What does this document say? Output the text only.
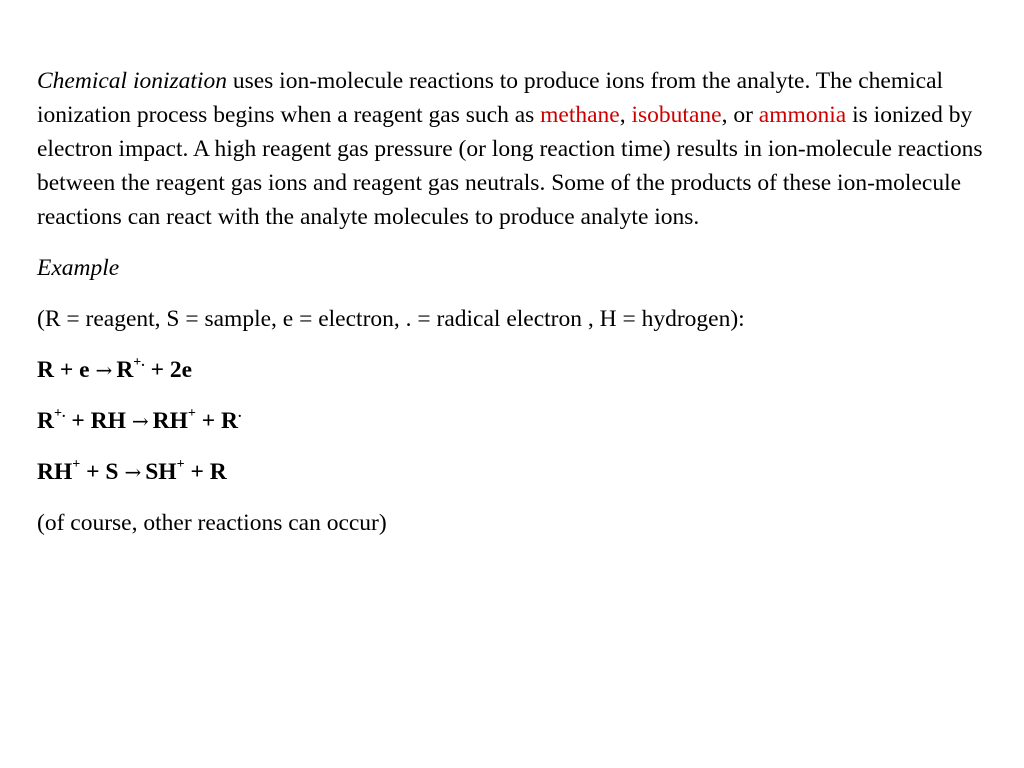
Chemical ionization uses ion-molecule reactions to produce ions from the analyte. The chemical ionization process begins when a reagent gas such as methane, isobutane, or ammonia is ionized by electron impact. A high reagent gas pressure (or long reaction time) results in ion-molecule reactions between the reagent gas ions and reagent gas neutrals. Some of the products of these ion-molecule reactions can react with the analyte molecules to produce analyte ions.

Example

(R = reagent, S = sample, e = electron, . = radical electron , H = hydrogen):

R + e → R+. + 2e

R+. + RH → RH+ + R.

RH+ + S → SH+ + R

(of course, other reactions can occur)
